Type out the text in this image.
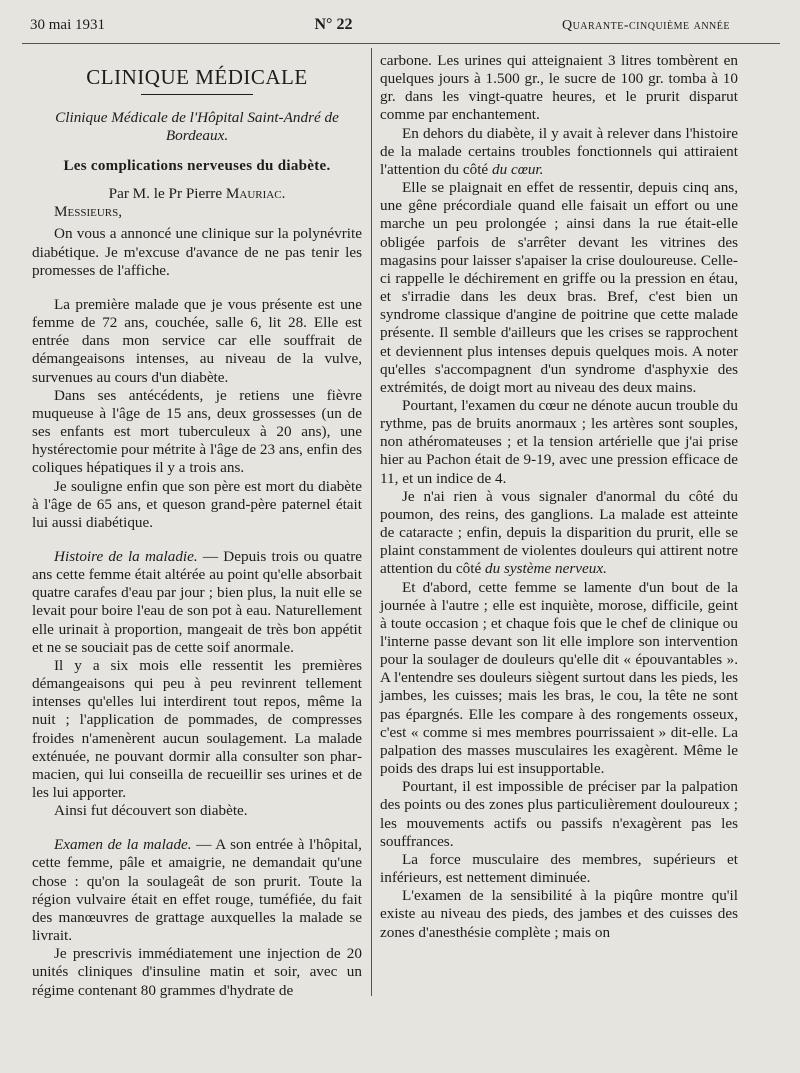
30 mai 1931	N° 22	Quarante-cinquième année
CLINIQUE MÉDICALE
Clinique Médicale de l'Hôpital Saint-André de Bordeaux.
Les complications nerveuses du diabète.
Par M. le Pr Pierre Mauriac.

Messieurs,

On vous a annoncé une clinique sur la polynévrite diabétique. Je m'excuse d'avance de ne pas tenir les promesses de l'affiche.

La première malade que je vous présente est une femme de 72 ans, couchée, salle 6, lit 28. Elle est entrée dans mon service car elle souffrait de démangeaisons intenses, au niveau de la vulve, survenues au cours d'un diabète.

Dans ses antécédents, je retiens une fièvre muqueuse à l'âge de 15 ans, deux grossesses (un de ses enfants est mort tuberculeux à 20 ans), une hystérectomie pour métrite à l'âge de 23 ans, enfin des coliques hépatiques il y a trois ans.

Je souligne enfin que son père est mort du diabète à l'âge de 65 ans, et queson grand-père paternel était lui aussi diabétique.

Histoire de la maladie. — Depuis trois ou quatre ans cette femme était altérée au point qu'elle absorbait quatre carafes d'eau par jour ; bien plus, la nuit elle se levait pour boire l'eau de son pot à eau. Naturellement elle urinait à proportion, mangeait de très bon appétit et ne se souciait pas de cette soif anormale.

Il y a six mois elle ressentit les premières démangeaisons qui peu à peu revinrent tellement intenses qu'elles lui interdirent tout repos, même la nuit ; l'application de pommades, de compresses froides n'amenèrent aucun soulagement. La malade exténuée, ne pouvant dormir alla consulter son pharmacien, qui lui conseilla de recueillir ses urines et de les lui apporter.

Ainsi fut découvert son diabète.

Examen de la malade. — A son entrée à l'hôpital, cette femme, pâle et amaigrie, ne demandait qu'une chose : qu'on la soulageât de son prurit. Toute la région vulvaire était en effet rouge, tuméfiée, du fait des manœuvres de grattage auxquelles la malade se livrait.

Je prescrivis immédiatement une injection de 20 unités cliniques d'insuline matin et soir, avec un régime contenant 80 grammes d'hydrate de

carbone. Les urines qui atteignaient 3 litres tombèrent en quelques jours à 1.500 gr., le sucre de 100 gr. tomba à 10 gr. dans les vingt-quatre heures, et le prurit disparut comme par enchantement.

En dehors du diabète, il y avait à relever dans l'histoire de la malade certains troubles fonctionnels qui attiraient l'attention du côté du cœur.

Elle se plaignait en effet de ressentir, depuis cinq ans, une gêne précordiale quand elle faisait un effort ou une marche un peu prolongée ; ainsi dans la rue était-elle obligée parfois de s'arrêter devant les vitrines des magasins pour laisser s'apaiser la crise douloureuse. Celle-ci rappelle le déchirement en griffe ou la pression en étau, et s'irradie dans les deux bras. Bref, c'est bien un syndrome classique d'angine de poitrine que cette malade présente. Il semble d'ailleurs que les crises se rapprochent et deviennent plus intenses depuis quelques mois. A noter qu'elles s'accompagnent d'un syndrome d'asphyxie des extrémités, de doigt mort au niveau des deux mains.

Pourtant, l'examen du cœur ne dénote aucun trouble du rythme, pas de bruits anormaux ; les artères sont souples, non athéromateuses ; et la tension artérielle que j'ai prise hier au Pachon était de 9-19, avec une pression efficace de 11, et un indice de 4.

Je n'ai rien à vous signaler d'anormal du côté du poumon, des reins, des ganglions. La malade est atteinte de cataracte ; enfin, depuis la disparition du prurit, elle se plaint constamment de violentes douleurs qui attirent notre attention du côté du système nerveux.

Et d'abord, cette femme se lamente d'un bout de la journée à l'autre ; elle est inquiète, morose, difficile, geint à toute occasion ; et chaque fois que le chef de clinique ou l'interne passe devant son lit elle implore son intervention pour la soulager de douleurs qu'elle dit « épouvantables ». A l'entendre ses douleurs siègent surtout dans les pieds, les jambes, les cuisses; mais les bras, le cou, la tête ne sont pas épargnés. Elle les compare à des rongements osseux, c'est « comme si mes membres pourrissaient » dit-elle. La palpation des masses musculaires les exagèrent. Même le poids des draps lui est insupportable.

Pourtant, il est impossible de préciser par la palpation des points ou des zones plus particulièrement douloureux ; les mouvements actifs ou passifs n'exagèrent pas les souffrances.

La force musculaire des membres, supérieurs et inférieurs, est nettement diminuée.

L'examen de la sensibilité à la piqûre montre qu'il existe au niveau des pieds, des jambes et des cuisses des zones d'anesthésie complète ; mais on
